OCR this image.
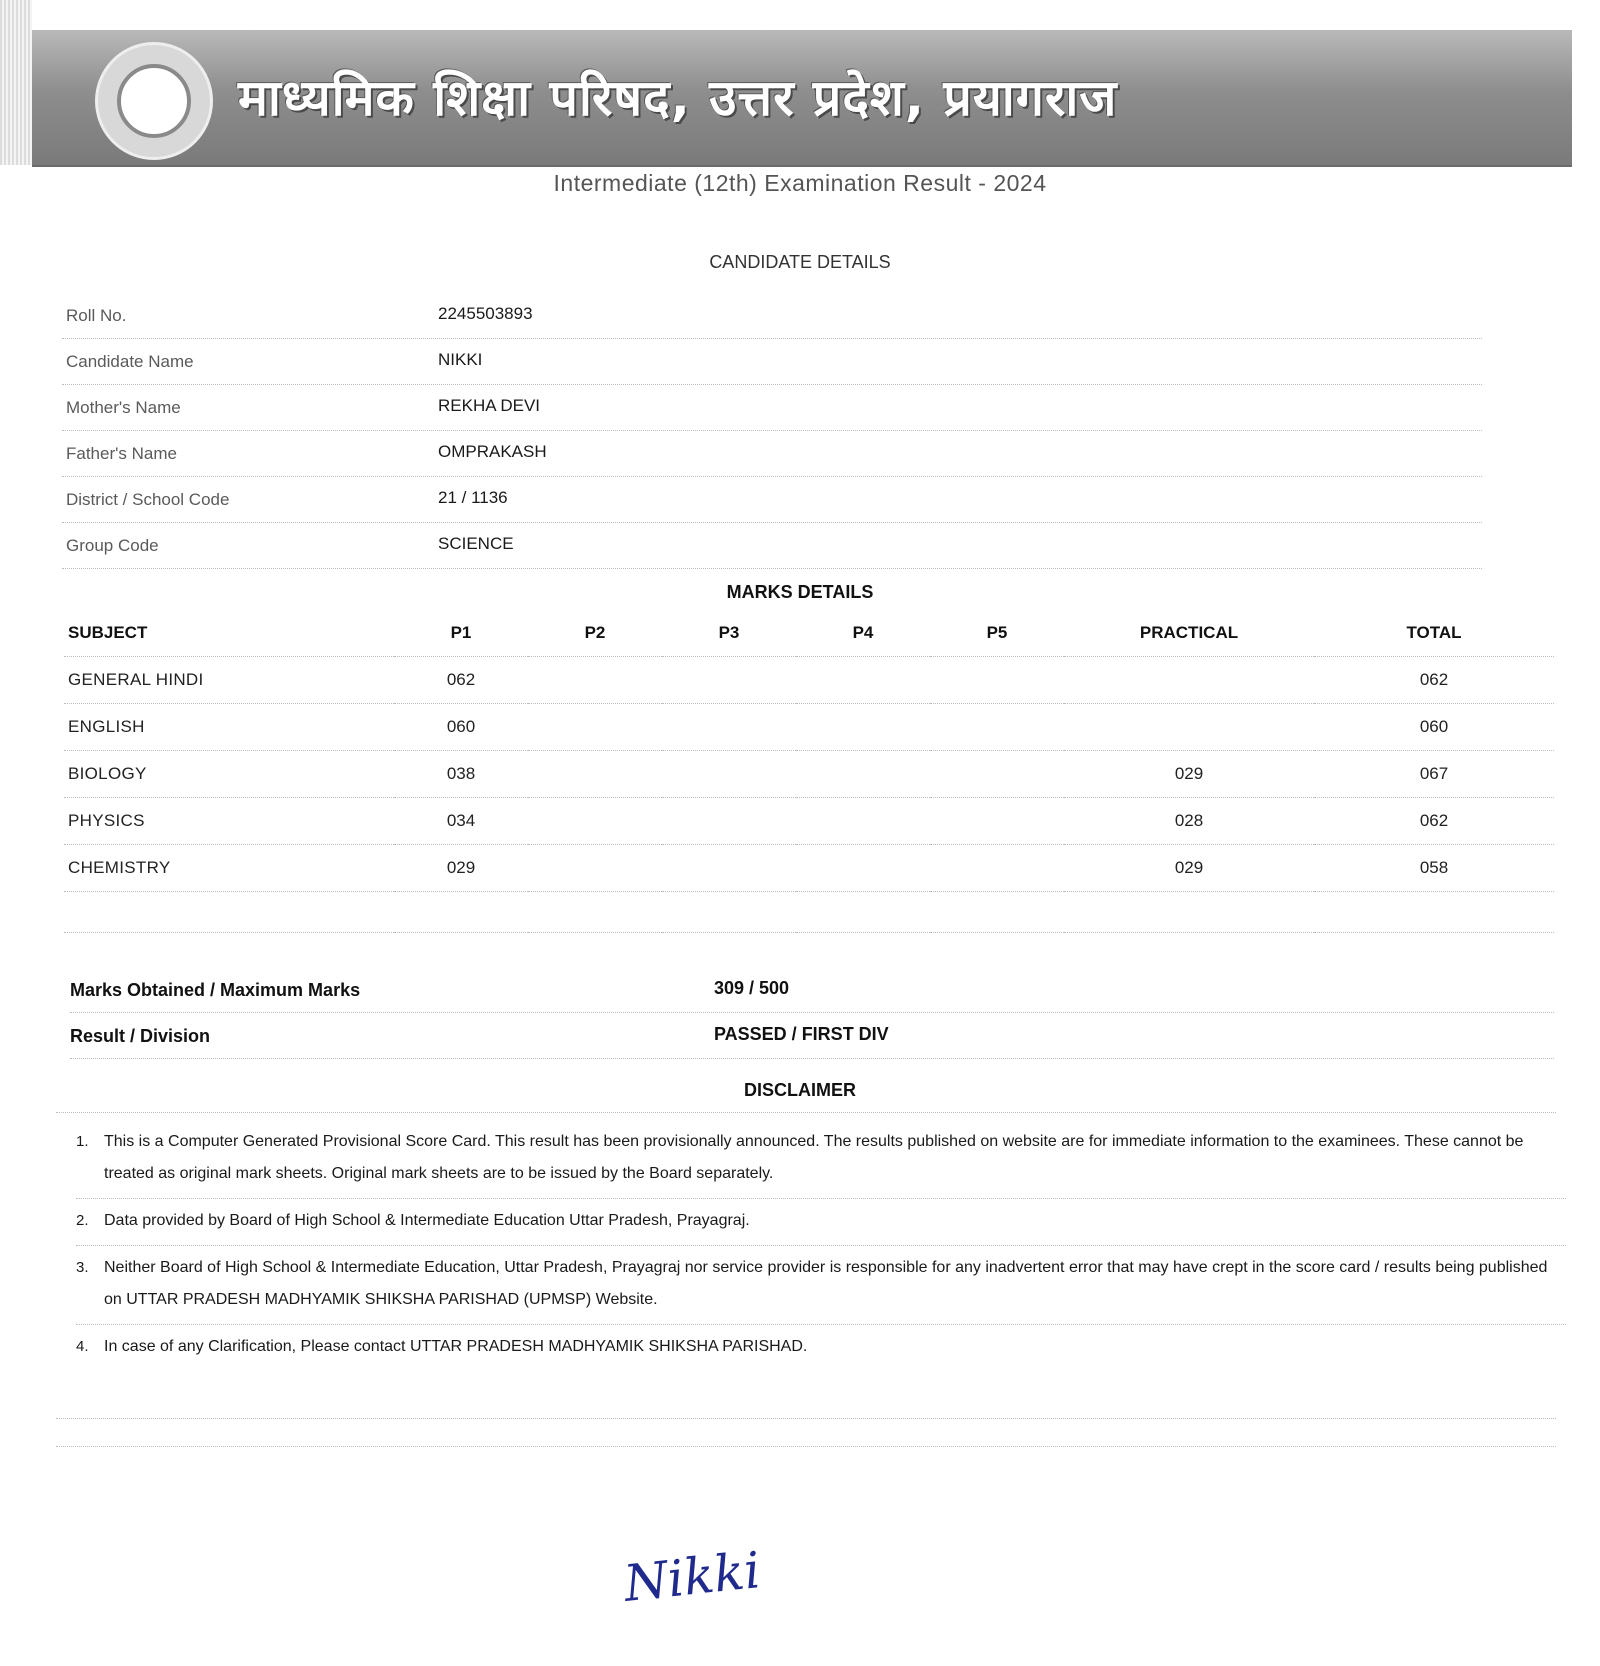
माध्यमिक शिक्षा परिषद, उत्तर प्रदेश, प्रयागराज
Intermediate (12th) Examination Result - 2024
CANDIDATE DETAILS
Roll No.	2245503893
Candidate Name	NIKKI
Mother's Name	REKHA DEVI
Father's Name	OMPRAKASH
District / School Code	21 / 1136
Group Code	SCIENCE
MARKS DETAILS
SUBJECT	P1	P2	P3	P4	P5	PRACTICAL	TOTAL
GENERAL HINDI	062						062
ENGLISH	060						060
BIOLOGY	038					029	067
PHYSICS	034					028	062
CHEMISTRY	029					029	058

Marks Obtained / Maximum Marks	309 / 500
Result / Division	PASSED / FIRST DIV
DISCLAIMER
1. This is a Computer Generated Provisional Score Card. This result has been provisionally announced. The results published on website are for immediate information to the examinees. These cannot be treated as original mark sheets. Original mark sheets are to be issued by the Board separately.
2. Data provided by Board of High School & Intermediate Education Uttar Pradesh, Prayagraj.
3. Neither Board of High School & Intermediate Education, Uttar Pradesh, Prayagraj nor service provider is responsible for any inadvertent error that may have crept in the score card / results being published on UTTAR PRADESH MADHYAMIK SHIKSHA PARISHAD (UPMSP) Website.
4. In case of any Clarification, Please contact UTTAR PRADESH MADHYAMIK SHIKSHA PARISHAD.
Nikki
